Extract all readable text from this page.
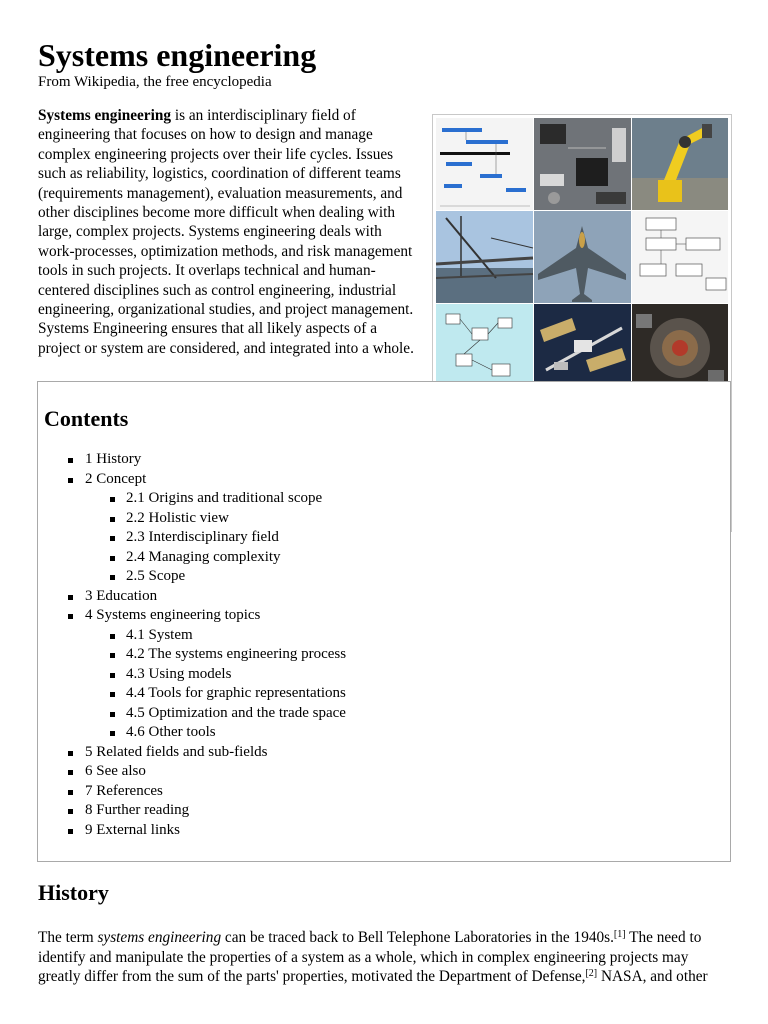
Systems engineering
From Wikipedia, the free encyclopedia

Systems engineering is an interdisciplinary field of engineering that focuses on how to design and manage complex engineering projects over their life cycles. Issues such as reliability, logistics, coordination of different teams (requirements management), evaluation measurements, and other disciplines become more difficult when dealing with large, complex projects. Systems engineering deals with work-processes, optimization methods, and risk management tools in such projects. It overlaps technical and human-centered disciplines such as control engineering, industrial engineering, organizational studies, and project management. Systems Engineering ensures that all likely aspects of a project or system are considered, and integrated into a whole.

Contents
1 History
2 Concept
2.1 Origins and traditional scope
2.2 Holistic view
2.3 Interdisciplinary field
2.4 Managing complexity
2.5 Scope
3 Education
4 Systems engineering topics
4.1 System
4.2 The systems engineering process
4.3 Using models
4.4 Tools for graphic representations
4.5 Optimization and the trade space
4.6 Other tools
5 Related fields and sub-fields
6 See also
7 References
8 Further reading
9 External links
History

The term systems engineering can be traced back to Bell Telephone Laboratories in the 1940s.[1] The need to identify and manipulate the properties of a system as a whole, which in complex engineering projects may greatly differ from the sum of the parts' properties, motivated the Department of Defense,[2] NASA, and other
